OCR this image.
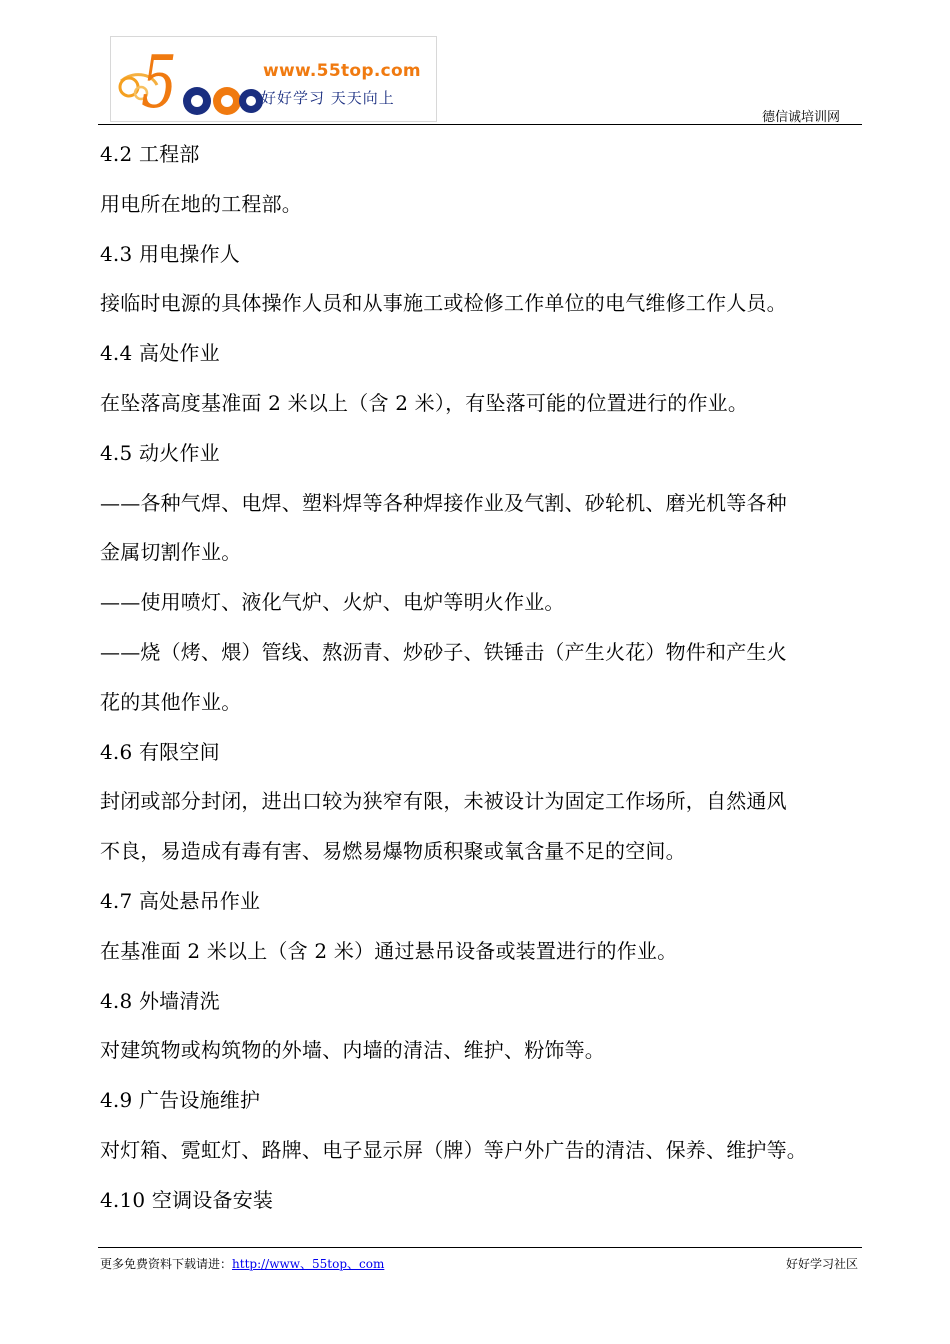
5	www.55top.com
好好学习 天天向上
德信诚培训网
4.2 工程部
用电所在地的工程部。
4.3 用电操作人
接临时电源的具体操作人员和从事施工或检修工作单位的电气维修工作人员。
4.4 高处作业
在坠落高度基准面 2 米以上（含 2 米），有坠落可能的位置进行的作业。
4.5 动火作业
——各种气焊、电焊、塑料焊等各种焊接作业及气割、砂轮机、磨光机等各种
金属切割作业。
——使用喷灯、液化气炉、火炉、电炉等明火作业。
——烧（烤、煨）管线、熬沥青、炒砂子、铁锤击（产生火花）物件和产生火
花的其他作业。
4.6 有限空间
封闭或部分封闭，进出口较为狭窄有限，未被设计为固定工作场所，自然通风
不良，易造成有毒有害、易燃易爆物质积聚或氧含量不足的空间。
4.7 高处悬吊作业
在基准面 2 米以上（含 2 米）通过悬吊设备或装置进行的作业。
4.8 外墙清洗
对建筑物或构筑物的外墙、内墙的清洁、维护、粉饰等。
4.9 广告设施维护
对灯箱、霓虹灯、路牌、电子显示屏（牌）等户外广告的清洁、保养、维护等。
4.10 空调设备安装
更多免费资料下载请进：http://www、55top、com	好好学习社区
